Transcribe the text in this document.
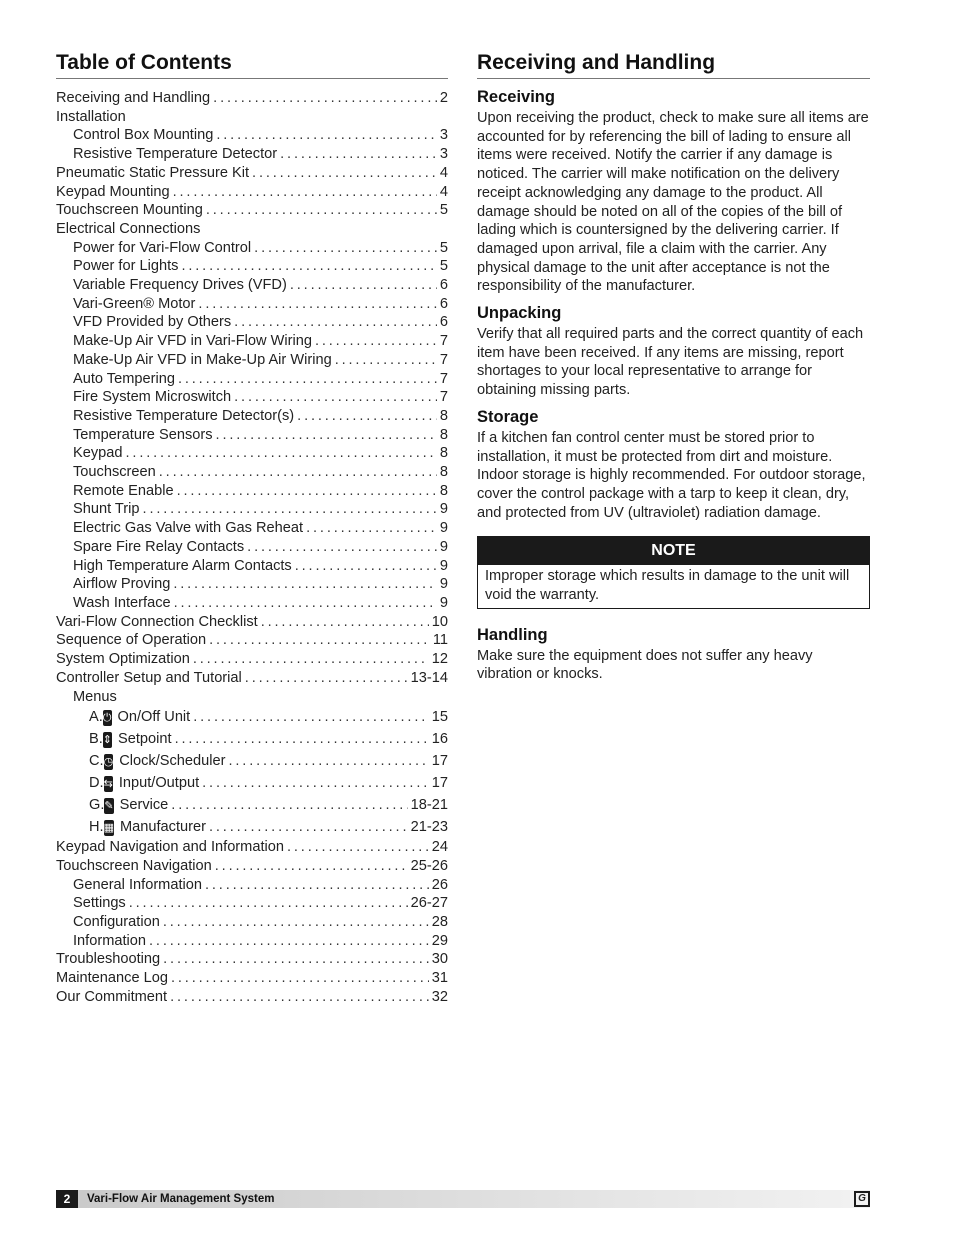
Table of Contents
Receiving and Handling . . .	2
Installation
Control Box Mounting . . .	3
Resistive Temperature Detector . . .	3
Pneumatic Static Pressure Kit . . .	4
Keypad Mounting . . .	4
Touchscreen Mounting . . .	5
Electrical Connections
Power for Vari-Flow Control . . .	5
Power for Lights . . .	5
Variable Frequency Drives (VFD) . . .	6
Vari-Green® Motor . . .	6
VFD Provided by Others . . .	6
Make-Up Air VFD in Vari-Flow Wiring . . .	7
Make-Up Air VFD in Make-Up Air Wiring . . .	7
Auto Tempering . . .	7
Fire System Microswitch . . .	7
Resistive Temperature Detector(s) . . .	8
Temperature Sensors . . .	8
Keypad . . .	8
Touchscreen . . .	8
Remote Enable . . .	8
Shunt Trip . . .	9
Electric Gas Valve with Gas Reheat . . .	9
Spare Fire Relay Contacts . . .	9
High Temperature Alarm Contacts . . .	9
Airflow Proving . . .	9
Wash Interface . . .	9
Vari-Flow Connection Checklist . . .	10
Sequence of Operation . . .	11
System Optimization . . .	12
Controller Setup and Tutorial . . .	13-14
Menus
A. ⏻ On/Off Unit . . .	15
B. ⇕ Setpoint . . .	16
C. ◷ Clock/Scheduler . . .	17
D. ⇆ Input/Output . . .	17
G. ✎ Service . . .	18-21
H. ▦ Manufacturer . . .	21-23
Keypad Navigation and Information . . .	24
Touchscreen Navigation . . .	25-26
General Information . . .	26
Settings . . .	26-27
Configuration . . .	28
Information . . .	29
Troubleshooting . . .	30
Maintenance Log . . .	31
Our Commitment . . .	32
Receiving and Handling
Receiving

Upon receiving the product, check to make sure all items are accounted for by referencing the bill of lading to ensure all items were received. Notify the carrier if any damage is noticed. The carrier will make notification on the delivery receipt acknowledging any damage to the product. All damage should be noted on all of the copies of the bill of lading which is countersigned by the delivering carrier. If damaged upon arrival, file a claim with the carrier. Any physical damage to the unit after acceptance is not the responsibility of the manufacturer.

Unpacking

Verify that all required parts and the correct quantity of each item have been received. If any items are missing, report shortages to your local representative to arrange for obtaining missing parts.

Storage

If a kitchen fan control center must be stored prior to installation, it must be protected from dirt and moisture. Indoor storage is highly recommended. For outdoor storage, cover the control package with a tarp to keep it clean, dry, and protected from UV (ultraviolet) radiation damage.

NOTE
Improper storage which results in damage to the unit will void the warranty.
Handling

Make sure the equipment does not suffer any heavy vibration or knocks.

2	Vari-Flow Air Management System	G
